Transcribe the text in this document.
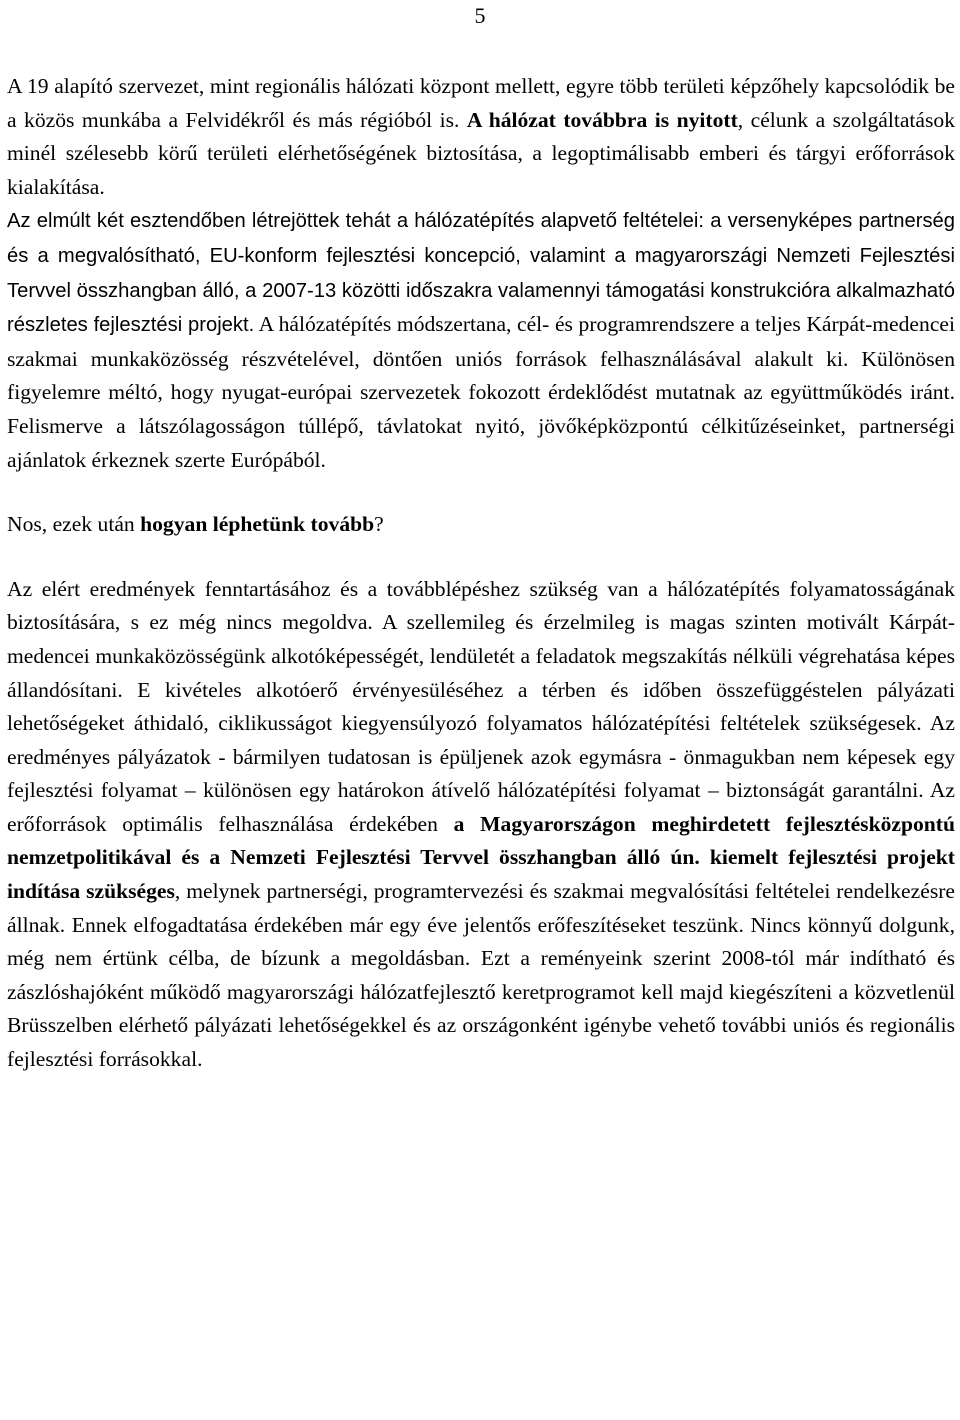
5

A 19 alapító szervezet, mint regionális hálózati központ mellett, egyre több területi képzőhely kapcsolódik be a közös munkába a Felvidékről és más régióból is. A hálózat továbbra is nyitott, célunk a szolgáltatások minél szélesebb körű területi elérhetőségének biztosítása, a legoptimálisabb emberi és tárgyi erőforrások kialakítása.

Az elmúlt két esztendőben létrejöttek tehát a hálózatépítés alapvető feltételei: a versenyképes partnerség és a megvalósítható, EU-konform fejlesztési koncepció, valamint a magyarországi Nemzeti Fejlesztési Tervvel összhangban álló, a 2007-13 közötti időszakra valamennyi támogatási konstrukcióra alkalmazható részletes fejlesztési projekt. A hálózatépítés módszertana, cél- és programrendszere a teljes Kárpát-medencei szakmai munkaközösség részvételével, döntően uniós források felhasználásával alakult ki. Különösen figyelemre méltó, hogy nyugat-európai szervezetek fokozott érdeklődést mutatnak az együttműködés iránt. Felismerve a látszólagosságon túllépő, távlatokat nyitó, jövőképközpontú célkitűzéseinket, partnerségi ajánlatok érkeznek szerte Európából.

Nos, ezek után hogyan léphetünk tovább?

Az elért eredmények fenntartásához és a továbblépéshez szükség van a hálózatépítés folyamatosságának biztosítására, s ez még nincs megoldva. A szellemileg és érzelmileg is magas szinten motivált Kárpát-medencei munkaközösségünk alkotóképességét, lendületét a feladatok megszakítás nélküli végrehatása képes állandósítani. E kivételes alkotóerő érvényesüléséhez a térben és időben összefüggéstelen pályázati lehetőségeket áthidaló, ciklikusságot kiegyensúlyozó folyamatos hálózatépítési feltételek szükségesek. Az eredményes pályázatok - bármilyen tudatosan is épüljenek azok egymásra - önmagukban nem képesek egy fejlesztési folyamat – különösen egy határokon átívelő hálózatépítési folyamat – biztonságát garantálni. Az erőforrások optimális felhasználása érdekében a Magyarországon meghirdetett fejlesztésközpontú nemzetpolitikával és a Nemzeti Fejlesztési Tervvel összhangban álló ún. kiemelt fejlesztési projekt indítása szükséges, melynek partnerségi, programtervezési és szakmai megvalósítási feltételei rendelkezésre állnak. Ennek elfogadtatása érdekében már egy éve jelentős erőfeszítéseket teszünk. Nincs könnyű dolgunk, még nem értünk célba, de bízunk a megoldásban. Ezt a reményeink szerint 2008-tól már indítható és zászlóshajóként működő magyarországi hálózatfejlesztő keretprogramot kell majd kiegészíteni a közvetlenül Brüsszelben elérhető pályázati lehetőségekkel és az országonként igénybe vehető további uniós és regionális fejlesztési forrásokkal.
